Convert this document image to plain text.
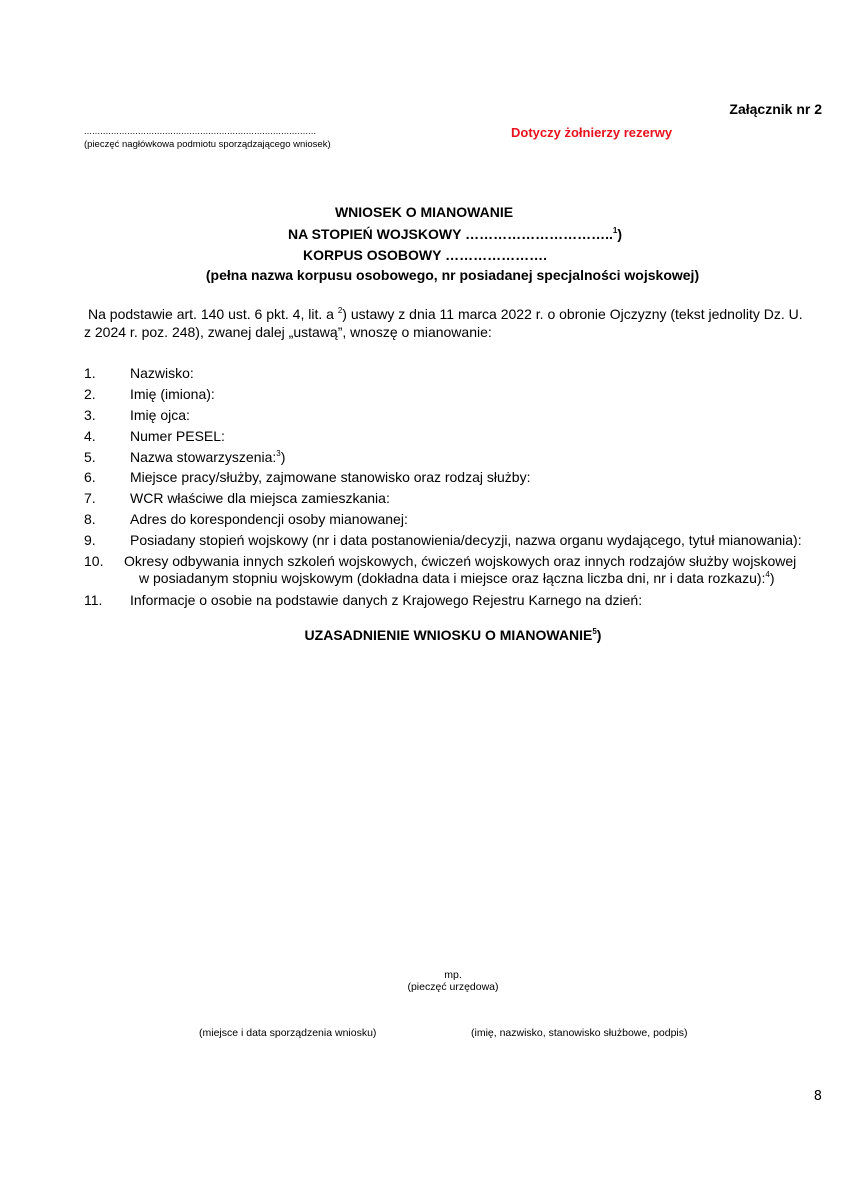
Załącznik nr 2
......................................................................................
(pieczęć nagłówkowa podmiotu sporządzającego wniosek)
Dotyczy żołnierzy rezerwy
WNIOSEK O MIANOWANIE
NA STOPIEŃ WOJSKOWY …………………………..$^1$)
KORPUS OSOBOWY ………………….
(pełna nazwa korpusu osobowego, nr posiadanej specjalności wojskowej)
Na podstawie art. 140 ust. 6 pkt. 4, lit. a $^2$) ustawy z dnia 11 marca 2022 r. o obronie Ojczyzny (tekst jednolity Dz. U.
z 2024 r. poz. 248), zwanej dalej „ustawą”, wnoszę o mianowanie:
1. Nazwisko:
2. Imię (imiona):
3. Imię ojca:
4. Numer PESEL:
5. Nazwa stowarzyszenia:$^3$)
6. Miejsce pracy/służby, zajmowane stanowisko oraz rodzaj służby:
7. WCR właściwe dla miejsca zamieszkania:
8. Adres do korespondencji osoby mianowanej:
9. Posiadany stopień wojskowy (nr i data postanowienia/decyzji, nazwa organu wydającego, tytuł mianowania):
10. Okresy odbywania innych szkoleń wojskowych, ćwiczeń wojskowych oraz innych rodzajów służby wojskowej
w posiadanym stopniu wojskowym (dokładna data i miejsce oraz łączna liczba dni, nr i data rozkazu):$^4$)
11. Informacje o osobie na podstawie danych z Krajowego Rejestru Karnego na dzień:
UZASADNIENIE WNIOSKU O MIANOWANIE$^5$)
mp.
(pieczęć urzędowa)
(miejsce i data sporządzenia wniosku)	(imię, nazwisko, stanowisko służbowe, podpis)
8
